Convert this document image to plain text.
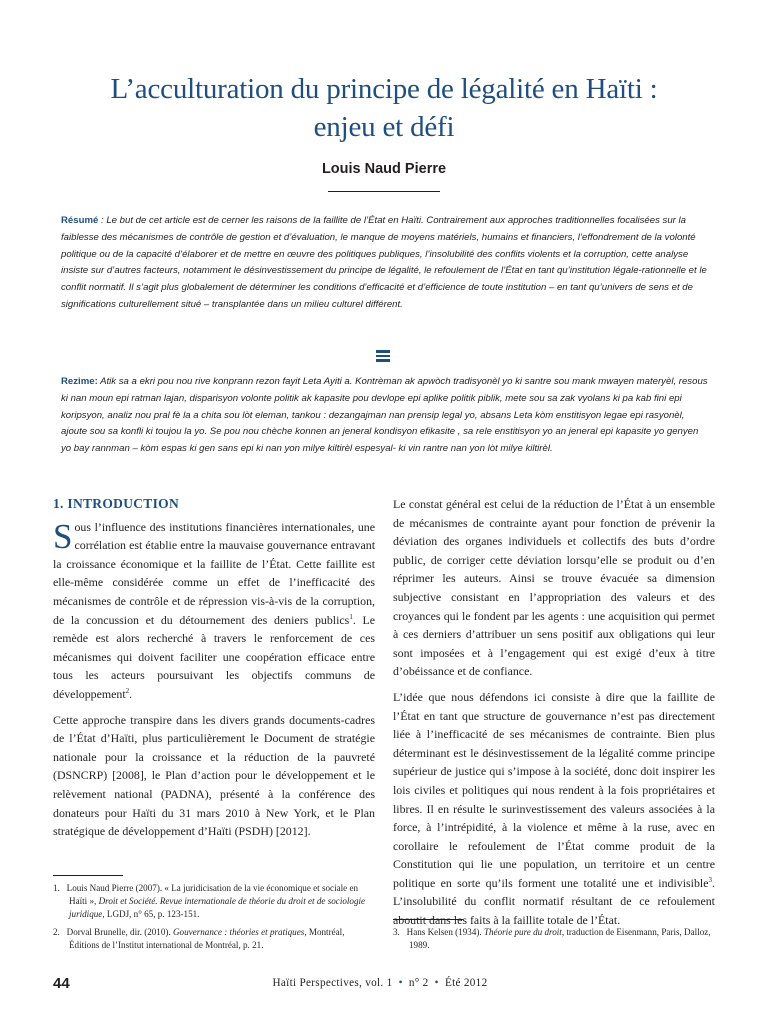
L’acculturation du principe de légalité en Haïti :
enjeu et défi
Louis Naud Pierre

Résumé : Le but de cet article est de cerner les raisons de la faillite de l’État en Haïti. Contrairement aux approches traditionnelles focalisées sur la faiblesse des mécanismes de contrôle de gestion et d’évaluation, le manque de moyens matériels, humains et financiers, l’effondrement de la volonté politique ou de la capacité d’élaborer et de mettre en œuvre des politiques publiques, l’insolubilité des conflits violents et la corruption, cette analyse insiste sur d’autres facteurs, notamment le désinvestissement du principe de légalité, le refoulement de l’État en tant qu’institution légale-rationnelle et le conflit normatif. Il s’agit plus globalement de déterminer les conditions d’efficacité et d’efficience de toute institution – en tant qu’univers de sens et de significations culturellement situé – transplantée dans un milieu culturel différent.

Rezime: Atik sa a ekri pou nou rive konprann rezon fayit Leta Ayiti a. Kontrèman ak apwòch tradisyonèl yo ki santre sou mank mwayen materyèl, resous ki nan moun epi ratman lajan, disparisyon volonte politik ak kapasite pou devlope epi aplike politik piblik, mete sou sa zak vyolans ki pa kab fini epi koripsyon, analiz nou pral fè la a chita sou lòt eleman, tankou : dezangajman nan prensip legal yo, absans Leta kòm enstitisyon legae epi rasyonèl, ajoute sou sa konfli ki toujou la yo. Se pou nou chèche konnen an jeneral kondisyon efikasite , sa rele enstitisyon yo an jeneral epi kapasite yo genyen yo bay rannman – kòm espas ki gen sans epi ki nan yon milye kiltirèl espesyal- ki vin rantre nan yon lòt milye kiltirèl.

1. INTRODUCTION

Sous l’influence des institutions financières internationales, une corrélation est établie entre la mauvaise gouvernance entravant la croissance économique et la faillite de l’État. Cette faillite est elle-même considérée comme un effet de l’inefficacité des mécanismes de contrôle et de répression vis-à-vis de la corruption, de la concussion et du détournement des deniers publics$^1$. Le remède est alors recherché à travers le renforcement de ces mécanismes qui doivent faciliter une coopération efficace entre tous les acteurs poursuivant les objectifs communs de développement$^2$.

Cette approche transpire dans les divers grands documents-cadres de l’État d’Haïti, plus particulièrement le Document de stratégie nationale pour la croissance et la réduction de la pauvreté (DSNCRP) [2008], le Plan d’action pour le développement et le relèvement national (PADNA), présenté à la conférence des donateurs pour Haïti du 31 mars 2010 à New York, et le Plan stratégique de développement d’Haïti (PSDH) [2012].

Le constat général est celui de la réduction de l’État à un ensemble de mécanismes de contrainte ayant pour fonction de prévenir la déviation des organes individuels et collectifs des buts d’ordre public, de corriger cette déviation lorsqu’elle se produit ou d’en réprimer les auteurs. Ainsi se trouve évacuée sa dimension subjective consistant en l’appropriation des valeurs et des croyances qui le fondent par les agents : une acquisition qui permet à ces derniers d’attribuer un sens positif aux obligations qui leur sont imposées et à l’engagement qui est exigé d’eux à titre d’obéissance et de confiance.

L’idée que nous défendons ici consiste à dire que la faillite de l’État en tant que structure de gouvernance n’est pas directement liée à l’inefficacité de ses mécanismes de contrainte. Bien plus déterminant est le désinvestissement de la légalité comme principe supérieur de justice qui s’impose à la société, donc doit inspirer les lois civiles et politiques qui nous rendent à la fois propriétaires et libres. Il en résulte le surinvestissement des valeurs associées à la force, à l’intrépidité, à la violence et même à la ruse, avec en corollaire le refoulement de l’État comme produit de la Constitution qui lie une population, un territoire et un centre politique en sorte qu’ils forment une totalité une et indivisible$^3$. L’insolubilité du conflit normatif résultant de ce refoulement aboutit dans les faits à la faillite totale de l’État.

1. Louis Naud Pierre (2007). « La juridicisation de la vie économique et sociale en Haïti », Droit et Société. Revue internationale de théorie du droit et de sociologie juridique, LGDJ, n° 65, p. 123-151.

2. Dorval Brunelle, dir. (2010). Gouvernance : théories et pratiques, Montréal, Éditions de l’Institut international de Montréal, p. 21.

3. Hans Kelsen (1934). Théorie pure du droit, traduction de Eisenmann, Paris, Dalloz, 1989.

44	Haïti Perspectives, vol. 1 • n° 2 • Été 2012
